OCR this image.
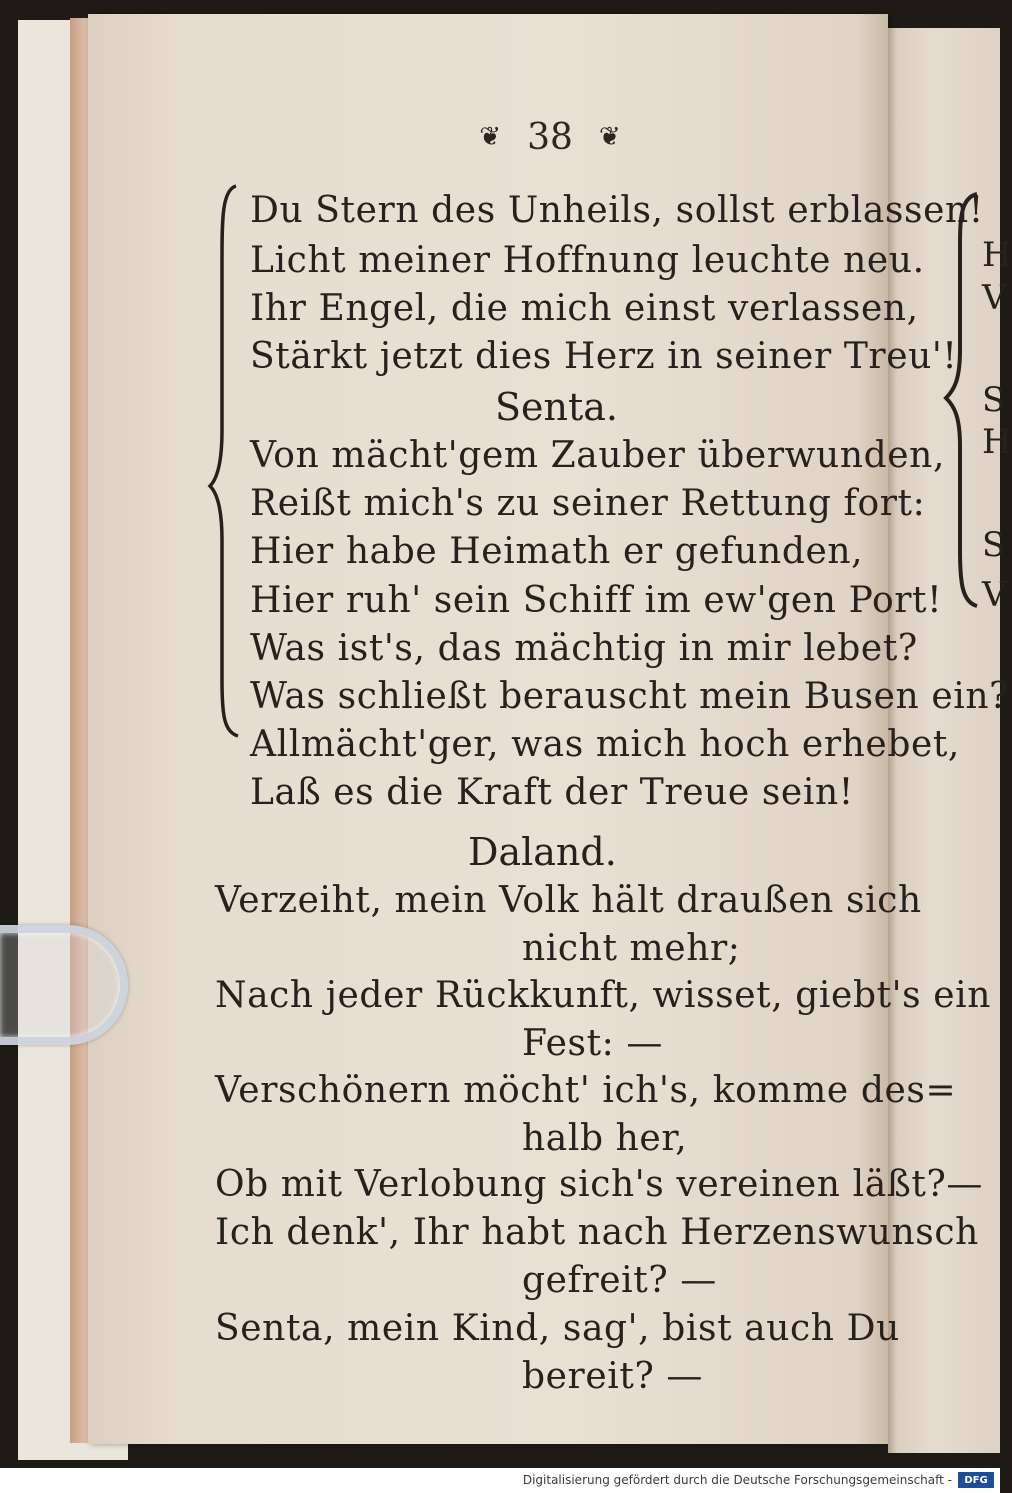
H
V
S
H
S
V
❦ 38 ❦
Du Stern des Unheils, sollst erblassen!
Licht meiner Hoffnung leuchte neu.
Ihr Engel, die mich einst verlassen,
Stärkt jetzt dies Herz in seiner Treu'!
Senta.
Von mächt'gem Zauber überwunden,
Reißt mich's zu seiner Rettung fort:
Hier habe Heimath er gefunden,
Hier ruh' sein Schiff im ew'gen Port!
Was ist's, das mächtig in mir lebet?
Was schließt berauscht mein Busen ein?
Allmächt'ger, was mich hoch erhebet,
Laß es die Kraft der Treue sein!
Daland.
Verzeiht, mein Volk hält draußen sich
nicht mehr;
Nach jeder Rückkunft, wisset, giebt's ein
Fest: —
Verschönern möcht' ich's, komme des=
halb her,
Ob mit Verlobung sich's vereinen läßt?—
Ich denk', Ihr habt nach Herzenswunsch
gefreit? —
Senta, mein Kind, sag', bist auch Du
bereit? —
Digitalisierung gefördert durch die Deutsche Forschungsgemeinschaft -	DFG
